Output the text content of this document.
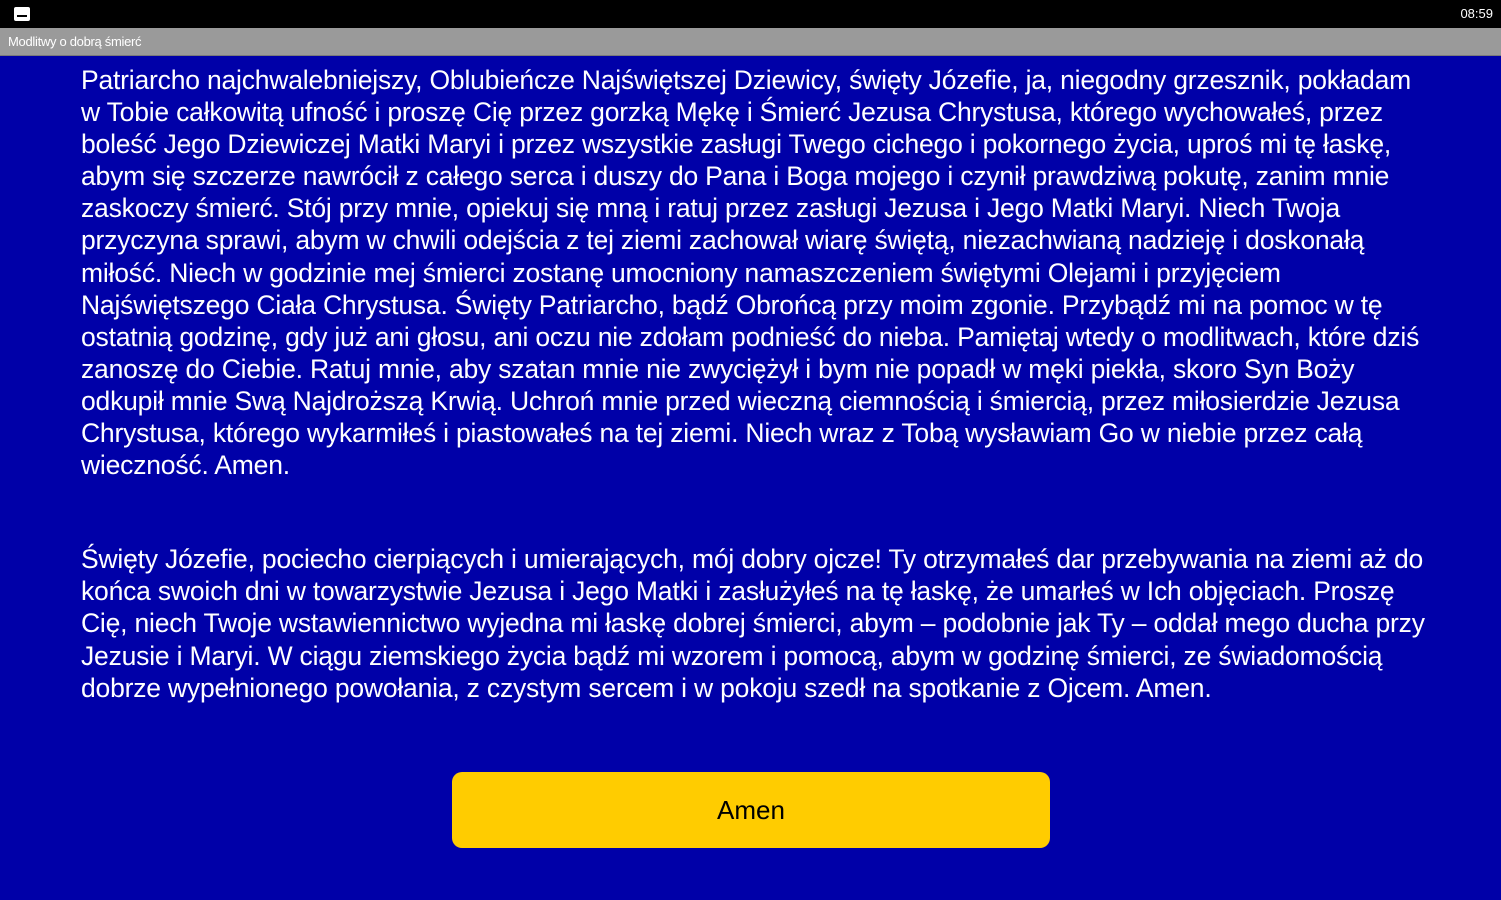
08:59
Modlitwy o dobrą śmierć

Patriarcho najchwalebniejszy, Oblubieńcze Najświętszej Dziewicy, święty Józefie, ja, niegodny grzesznik, pokładam w Tobie całkowitą ufność i proszę Cię przez gorzką Mękę i Śmierć Jezusa Chrystusa, którego wychowałeś, przez boleść Jego Dziewiczej Matki Maryi i przez wszystkie zasługi Twego cichego i pokornego życia, uproś mi tę łaskę, abym się szczerze nawrócił z całego serca i duszy do Pana i Boga mojego i czynił prawdziwą pokutę, zanim mnie zaskoczy śmierć. Stój przy mnie, opiekuj się mną i ratuj przez zasługi Jezusa i Jego Matki Maryi. Niech Twoja przyczyna sprawi, abym w chwili odejścia z tej ziemi zachował wiarę świętą, niezachwianą nadzieję i doskonałą miłość. Niech w godzinie mej śmierci zostanę umocniony namaszczeniem świętymi Olejami i przyjęciem Najświętszego Ciała Chrystusa. Święty Patriarcho, bądź Obrońcą przy moim zgonie. Przybądź mi na pomoc w tę ostatnią godzinę, gdy już ani głosu, ani oczu nie zdołam podnieść do nieba. Pamiętaj wtedy o modlitwach, które dziś zanoszę do Ciebie. Ratuj mnie, aby szatan mnie nie zwyciężył i bym nie popadł w męki piekła, skoro Syn Boży odkupił mnie Swą Najdroższą Krwią. Uchroń mnie przed wieczną ciemnością i śmiercią, przez miłosierdzie Jezusa Chrystusa, którego wykarmiłeś i piastowałeś na tej ziemi. Niech wraz z Tobą wysławiam Go w niebie przez całą wieczność. Amen.

Święty Józefie, pociecho cierpiących i umierających, mój dobry ojcze! Ty otrzymałeś dar przebywania na ziemi aż do końca swoich dni w towarzystwie Jezusa i Jego Matki i zasłużyłeś na tę łaskę, że umarłeś w Ich objęciach. Proszę Cię, niech Twoje wstawiennictwo wyjedna mi łaskę dobrej śmierci, abym – podobnie jak Ty – oddał mego ducha przy Jezusie i Maryi. W ciągu ziemskiego życia bądź mi wzorem i pomocą, abym w godzinę śmierci, ze świadomością dobrze wypełnionego powołania, z czystym sercem i w pokoju szedł na spotkanie z Ojcem. Amen.

Amen
